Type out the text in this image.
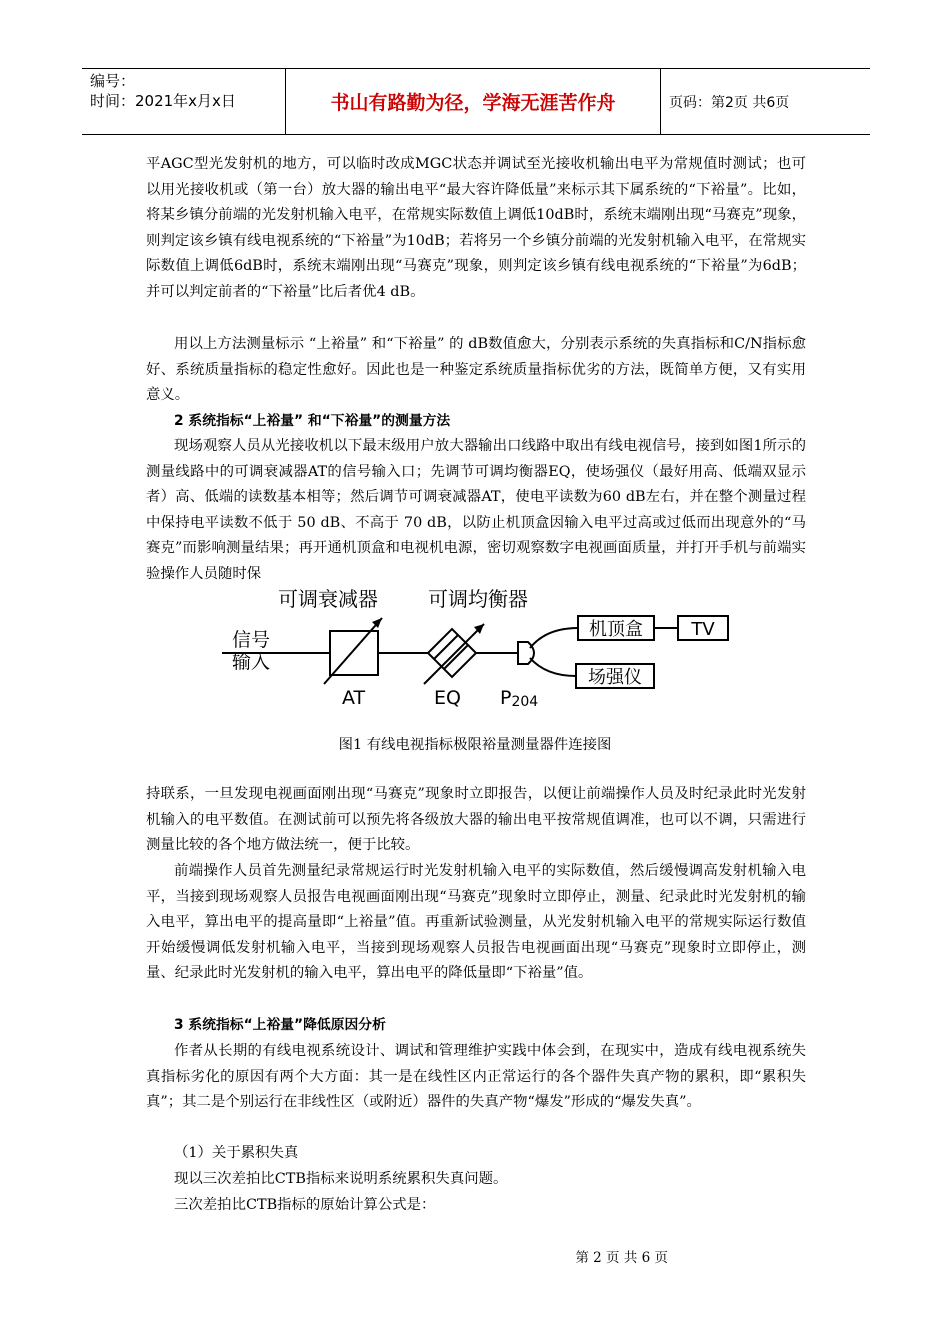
编号：
时间：2021年x月x日	书山有路勤为径，学海无涯苦作舟	页码：第2页 共6页

平AGC型光发射机的地方，可以临时改成MGC状态并调试至光接收机输出电平为常规值时测试；也可以用光接收机或（第一台）放大器的输出电平“最大容许降低量”来标示其下属系统的“下裕量”。比如，将某乡镇分前端的光发射机输入电平，在常规实际数值上调低10dB时，系统末端刚出现“马赛克”现象，则判定该乡镇有线电视系统的“下裕量”为10dB；若将另一个乡镇分前端的光发射机输入电平，在常规实际数值上调低6dB时，系统末端刚出现“马赛克”现象，则判定该乡镇有线电视系统的“下裕量”为6dB；并可以判定前者的“下裕量”比后者优4 dB。

用以上方法测量标示 “上裕量” 和“下裕量” 的 dB数值愈大，分别表示系统的失真指标和C/N指标愈好、系统质量指标的稳定性愈好。因此也是一种鉴定系统质量指标优劣的方法，既简单方便，又有实用意义。

2 系统指标“上裕量” 和“下裕量”的测量方法

现场观察人员从光接收机以下最末级用户放大器输出口线路中取出有线电视信号，接到如图1所示的测量线路中的可调衰减器AT的信号输入口；先调节可调均衡器EQ，使场强仪（最好用高、低端双显示者）高、低端的读数基本相等；然后调节可调衰减器AT，使电平读数为60 dB左右，并在整个测量过程中保持电平读数不低于 50 dB、不高于 70 dB，以防止机顶盒因输入电平过高或过低而出现意外的“马赛克”而影响测量结果；再开通机顶盒和电视机电源，密切观察数字电视画面质量，并打开手机与前端实验操作人员随时保

可调衰减器	可调均衡器
信号
输入
机顶盒	TV
场强仪
AT	EQ P204
图1 有线电视指标极限裕量测量器件连接图

持联系，一旦发现电视画面刚出现“马赛克”现象时立即报告，以便让前端操作人员及时纪录此时光发射机输入的电平数值。在测试前可以预先将各级放大器的输出电平按常规值调准，也可以不调，只需进行测量比较的各个地方做法统一，便于比较。

前端操作人员首先测量纪录常规运行时光发射机输入电平的实际数值，然后缓慢调高发射机输入电平，当接到现场观察人员报告电视画面刚出现“马赛克”现象时立即停止，测量、纪录此时光发射机的输入电平，算出电平的提高量即“上裕量”值。再重新试验测量，从光发射机输入电平的常规实际运行数值开始缓慢调低发射机输入电平，当接到现场观察人员报告电视画面出现“马赛克”现象时立即停止，测量、纪录此时光发射机的输入电平，算出电平的降低量即“下裕量”值。

3 系统指标“上裕量”降低原因分析

作者从长期的有线电视系统设计、调试和管理维护实践中体会到，在现实中，造成有线电视系统失真指标劣化的原因有两个大方面：其一是在线性区内正常运行的各个器件失真产物的累积，即“累积失真”；其二是个别运行在非线性区（或附近）器件的失真产物“爆发”形成的“爆发失真”。

（1）关于累积失真

现以三次差拍比CTB指标来说明系统累积失真问题。

三次差拍比CTB指标的原始计算公式是：

第 2 页 共 6 页
